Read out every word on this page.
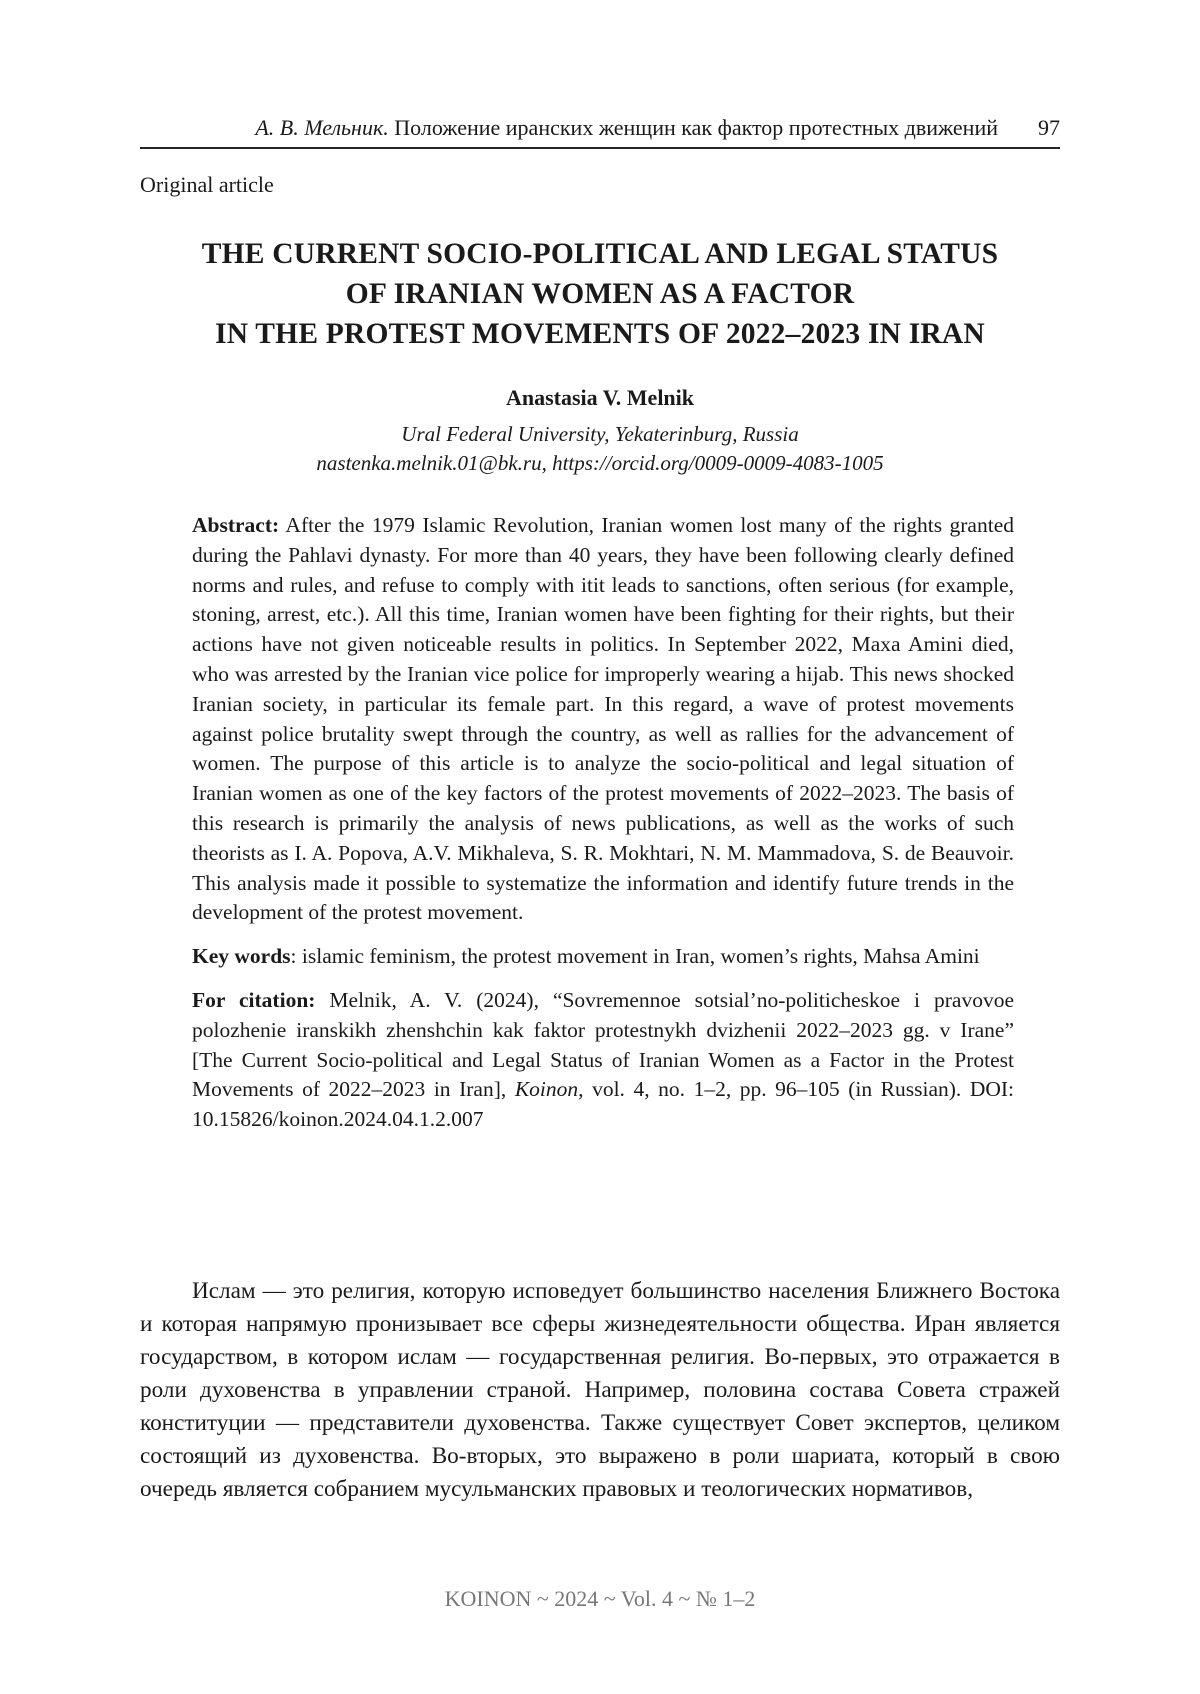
А. В. Мельник. Положение иранских женщин как фактор протестных движений 97
Original article
THE CURRENT SOCIO-POLITICAL AND LEGAL STATUS
OF IRANIAN WOMEN AS A FACTOR
IN THE PROTEST MOVEMENTS OF 2022–2023 IN IRAN
Anastasia V. Melnik
Ural Federal University, Yekaterinburg, Russia
nastenka.melnik.01@bk.ru, https://orcid.org/0009-0009-4083-1005

Abstract: After the 1979 Islamic Revolution, Iranian women lost many of the rights granted during the Pahlavi dynasty. For more than 40 years, they have been following clearly defined norms and rules, and refuse to comply with itit leads to sanctions, often serious (for example, stoning, arrest, etc.). All this time, Iranian women have been fighting for their rights, but their actions have not given noticeable results in politics. In September 2022, Maxa Amini died, who was arrested by the Iranian vice police for improperly wearing a hijab. This news shocked Iranian society, in particular its female part. In this regard, a wave of protest movements against police brutality swept through the country, as well as rallies for the advancement of women. The purpose of this article is to analyze the socio-political and legal situation of Iranian women as one of the key factors of the protest movements of 2022–2023. The basis of this research is primarily the analysis of news publications, as well as the works of such theorists as I. A. Popova, A.V. Mikhaleva, S. R. Mokhtari, N. M. Mammadova, S. de Beauvoir. This analysis made it possible to systematize the information and identify future trends in the development of the protest movement.

Key words: islamic feminism, the protest movement in Iran, women’s rights, Mahsa Amini

For citation: Melnik, A. V. (2024), “Sovremennoe sotsial’no-politicheskoe i pravovoe polozhenie iranskikh zhenshchin kak faktor protestnykh dvizhenii 2022–2023 gg. v Irane” [The Current Socio-political and Legal Status of Iranian Women as a Factor in the Protest Movements of 2022–2023 in Iran], Koinon, vol. 4, no. 1–2, pp. 96–105 (in Russian). DOI: 10.15826/koinon.2024.04.1.2.007

Ислам — это религия, которую исповедует большинство населения Ближнего Востока и которая напрямую пронизывает все сферы жизнедеятельности общества. Иран является государством, в котором ислам — государственная религия. Во-первых, это отражается в роли духовенства в управлении страной. Например, половина состава Совета стражей конституции — представители духовенства. Также существует Совет экспертов, целиком состоящий из духовенства. Во-вторых, это выражено в роли шариата, который в свою очередь является собранием мусульманских правовых и теологических нормативов,

KOINON ~ 2024 ~ Vol. 4 ~ № 1–2
